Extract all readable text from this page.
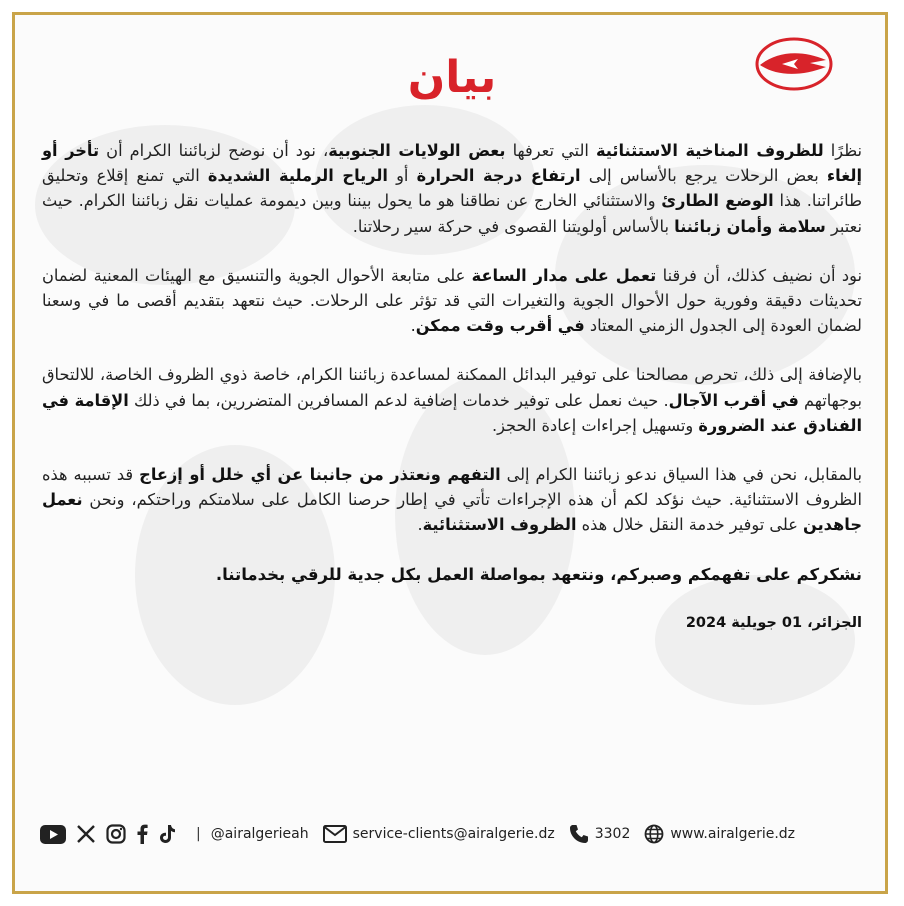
بيان

نظرًا للظروف المناخية الاستثنائية التي تعرفها بعض الولايات الجنوبية، نود أن نوضح لزبائننا الكرام أن تأخر أو إلغاء بعض الرحلات يرجع بالأساس إلى ارتفاع درجة الحرارة أو الرياح الرملية الشديدة التي تمنع إقلاع وتحليق طائراتنا. هذا الوضع الطارئ والاستثنائي الخارج عن نطاقنا هو ما يحول بيننا وبين ديمومة عمليات نقل زبائننا الكرام. حيث نعتبر سلامة وأمان زبائننا بالأساس أولويتنا القصوى في حركة سير رحلاتنا.

نود أن نضيف كذلك، أن فرقنا تعمل على مدار الساعة على متابعة الأحوال الجوية والتنسيق مع الهيئات المعنية لضمان تحديثات دقيقة وفورية حول الأحوال الجوية والتغيرات التي قد تؤثر على الرحلات. حيث نتعهد بتقديم أقصى ما في وسعنا لضمان العودة إلى الجدول الزمني المعتاد في أقرب وقت ممكن.

بالإضافة إلى ذلك، تحرص مصالحنا على توفير البدائل الممكنة لمساعدة زبائننا الكرام، خاصة ذوي الظروف الخاصة، للالتحاق بوجهاتهم في أقرب الآجال. حيث نعمل على توفير خدمات إضافية لدعم المسافرين المتضررين، بما في ذلك الإقامة في الفنادق عند الضرورة وتسهيل إجراءات إعادة الحجز.

بالمقابل، نحن في هذا السياق ندعو زبائننا الكرام إلى التفهم ونعتذر من جانبنا عن أي خلل أو إزعاج قد تسببه هذه الظروف الاستثنائية. حيث نؤكد لكم أن هذه الإجراءات تأتي في إطار حرصنا الكامل على سلامتكم وراحتكم، ونحن نعمل جاهدين على توفير خدمة النقل خلال هذه الظروف الاستثنائية.

نشكركم على تفهمكم وصبركم، ونتعهد بمواصلة العمل بكل جدية للرقي بخدماتنا.

الجزائر، 01 جويلية 2024
| @airalgerieah	service-clients@airalgerie.dz	3302	www.airalgerie.dz
